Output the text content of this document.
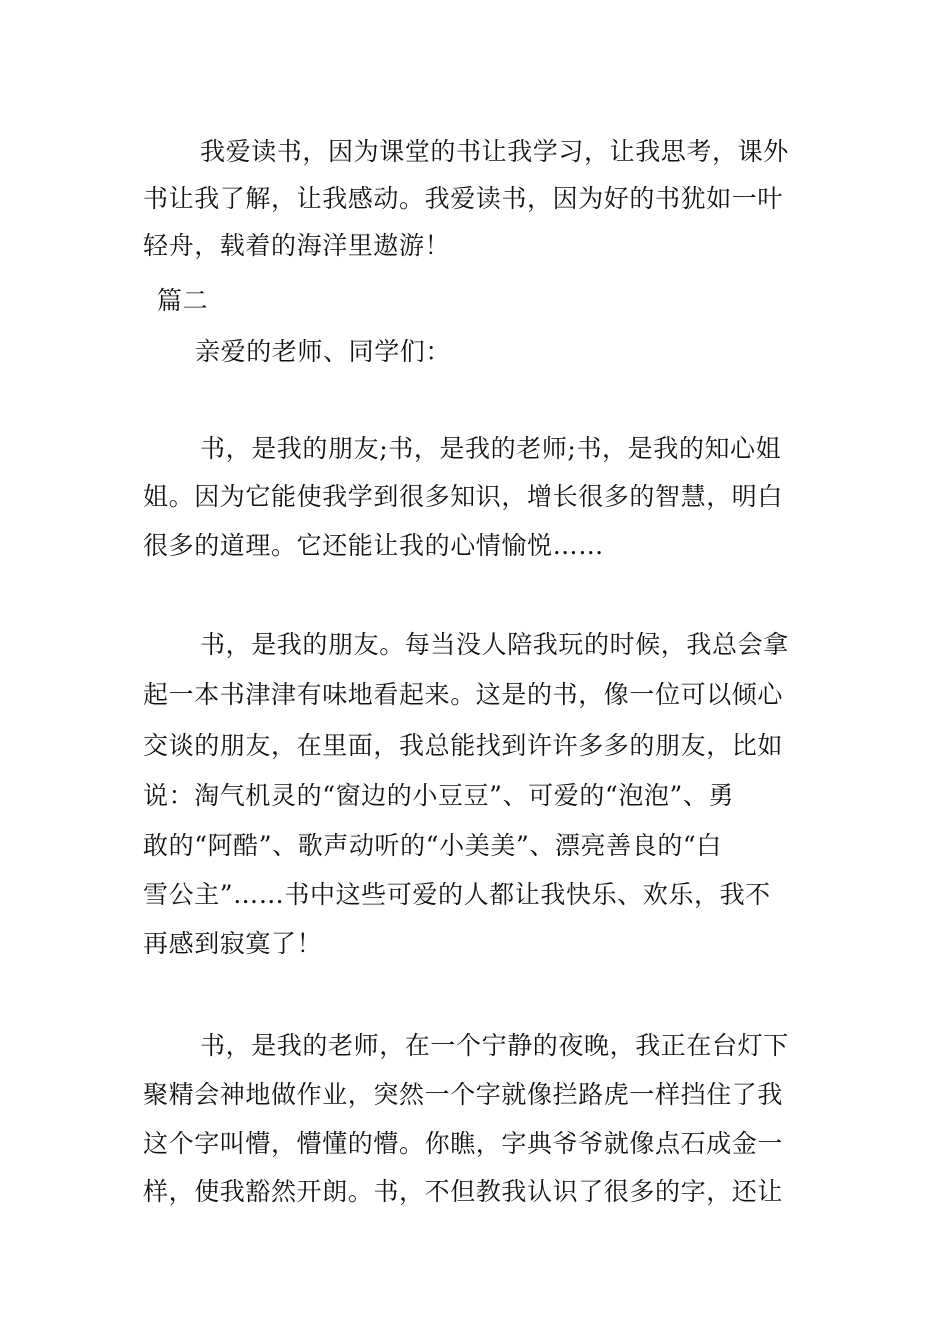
我爱读书，因为课堂的书让我学习，让我思考，课外
书让我了解，让我感动。我爱读书，因为好的书犹如一叶
轻舟，载着的海洋里遨游！
篇二
亲爱的老师、同学们：
书，是我的朋友;书，是我的老师;书，是我的知心姐
姐。因为它能使我学到很多知识，增长很多的智慧，明白
很多的道理。它还能让我的心情愉悦……
书，是我的朋友。每当没人陪我玩的时候，我总会拿
起一本书津津有味地看起来。这是的书，像一位可以倾心
交谈的朋友，在里面，我总能找到许许多多的朋友，比如
说：淘气机灵的“窗边的小豆豆”、可爱的“泡泡”、勇
敢的“阿酷”、歌声动听的“小美美”、漂亮善良的“白
雪公主”……书中这些可爱的人都让我快乐、欢乐，我不
再感到寂寞了！
书，是我的老师，在一个宁静的夜晚，我正在台灯下
聚精会神地做作业，突然一个字就像拦路虎一样挡住了我
这个字叫懵，懵懂的懵。你瞧，字典爷爷就像点石成金一
样，使我豁然开朗。书，不但教我认识了很多的字，还让
